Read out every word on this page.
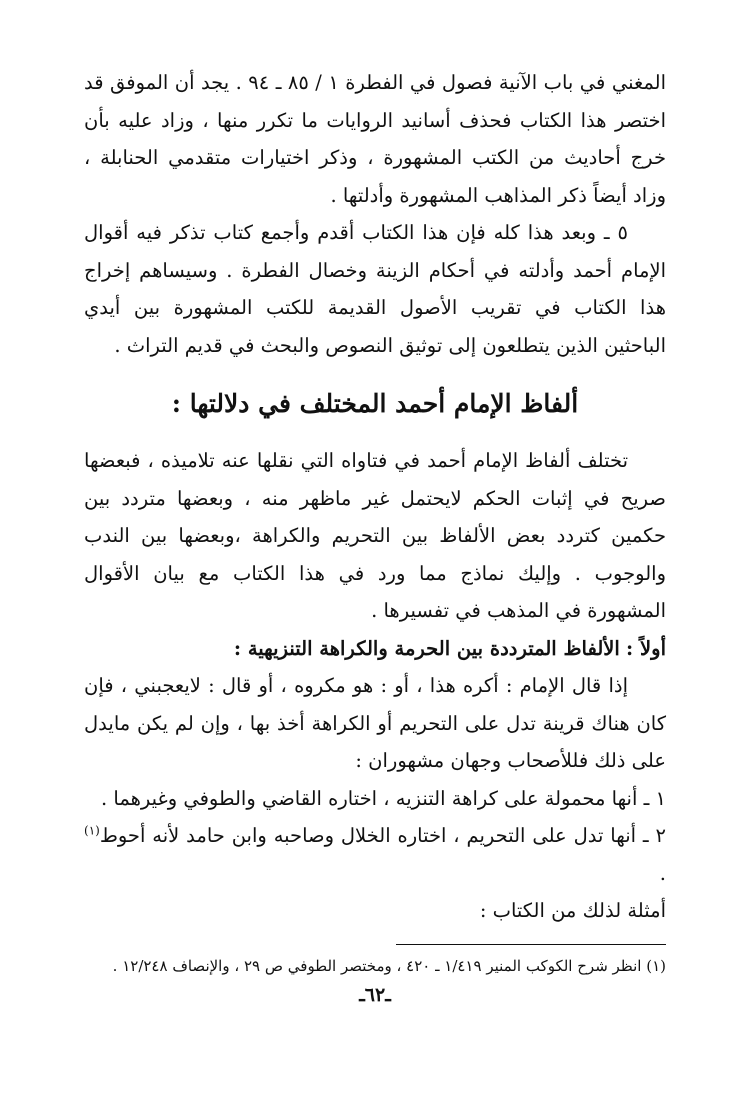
المغني في باب الآنية فصول في الفطرة ١ / ٨٥ ـ ٩٤ . يجد أن الموفق قد اختصر هذا الكتاب فحذف أسانيد الروايات ما تكرر منها ، وزاد عليه بأن خرج أحاديث من الكتب المشهورة ، وذكر اختيارات متقدمي الحنابلة ، وزاد أيضاً ذكر المذاهب المشهورة وأدلتها .

٥ ـ وبعد هذا كله فإن هذا الكتاب أقدم وأجمع كتاب تذكر فيه أقوال الإمام أحمد وأدلته في أحكام الزينة وخصال الفطرة . وسيساهم إخراج هذا الكتاب في تقريب الأصول القديمة للكتب المشهورة بين أيدي الباحثين الذين يتطلعون إلى توثيق النصوص والبحث في قديم التراث .

ألفاظ الإمام أحمد المختلف في دلالتها :

تختلف ألفاظ الإمام أحمد في فتاواه التي نقلها عنه تلاميذه ، فبعضها صريح في إثبات الحكم لايحتمل غير ماظهر منه ، وبعضها متردد بين حكمين كتردد بعض الألفاظ بين التحريم والكراهة ،وبعضها بين الندب والوجوب . وإليك نماذج مما ورد في هذا الكتاب مع بيان الأقوال المشهورة في المذهب في تفسيرها .

أولاً : الألفاظ المترددة بين الحرمة والكراهة التنزيهية :

إذا قال الإمام : أكره هذا ، أو : هو مكروه ، أو قال : لايعجبني ، فإن كان هناك قرينة تدل على التحريم أو الكراهة أخذ بها ، وإن لم يكن مايدل على ذلك فللأصحاب وجهان مشهوران :

١ ـ أنها محمولة على كراهة التنزيه ، اختاره القاضي والطوفي وغيرهما .

٢ ـ أنها تدل على التحريم ، اختاره الخلال وصاحبه وابن حامد لأنه أحوط$^{(١)}$ .

أمثلة لذلك من الكتاب :

(١) انظر شرح الكوكب المنير ١/٤١٩ ـ ٤٢٠ ، ومختصر الطوفي ص ٢٩ ، والإنصاف ١٢/٢٤٨ .

ـ٦٢ـ
